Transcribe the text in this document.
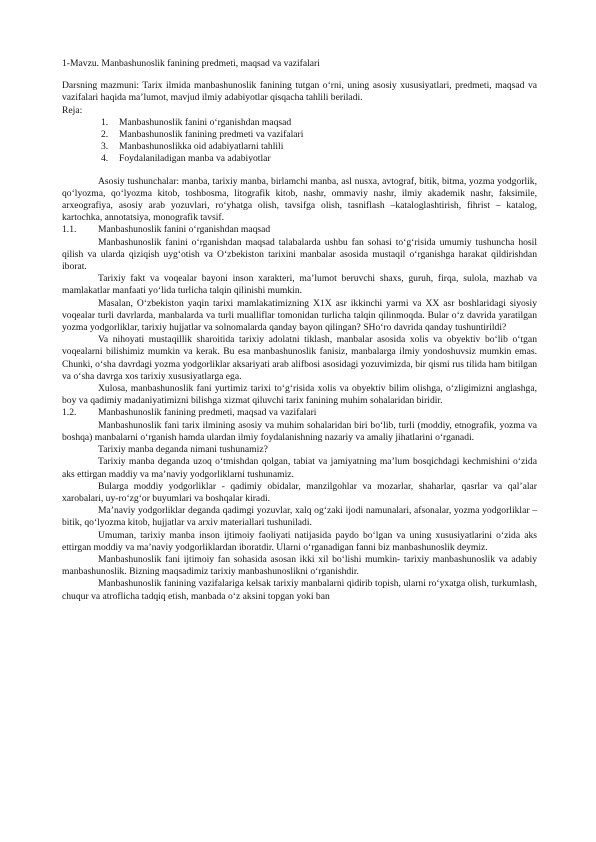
1-Mavzu. Manbashunoslik fanining predmeti, maqsad va vazifalari

Darsning mazmuni: Tarix ilmida manbashunoslik fanining tutgan o‘rni, uning asosiy xususiyatlari, predmeti, maqsad va vazifalari haqida ma’lumot, mavjud ilmiy adabiyotlar qisqacha tahlili beriladi.

Reja:

1. Manbashunoslik fanini o‘rganishdan maqsad
2. Manbashunoslik fanining predmeti va vazifalari
3. Manbashunoslikka oid adabiyatlarni tahlili
4. Foydalaniladigan manba va adabiyotlar

Asosiy tushunchalar: manba, tarixiy manba, birlamchi manba, asl nusxa, avtograf, bitik, bitma, yozma yodgorlik, qo‘lyozma, qo‘lyozma kitob, toshbosma, litografik kitob, nashr, ommaviy nashr, ilmiy akademik nashr, faksimile, arxeografiya, asosiy arab yozuvlari, ro‘yhatga olish, tavsifga olish, tasniflash –kataloglashtirish, fihrist – katalog, kartochka, annotatsiya, monografik tavsif.

1.1. Manbashunoslik fanini o‘rganishdan maqsad

Manbashunoslik fanini o‘rganishdan maqsad talabalarda ushbu fan sohasi to‘g‘risida umumiy tushuncha hosil qilish va ularda qiziqish uyg‘otish va O‘zbekiston tarixini manbalar asosida mustaqil o‘rganishga harakat qildirishdan iborat.

Tarixiy fakt va voqealar bayoni inson xarakteri, ma’lumot beruvchi shaxs, guruh, firqa, sulola, mazhab va mamlakatlar manfaati yo‘lida turlicha talqin qilinishi mumkin.

Masalan, O‘zbekiston yaqin tarixi mamlakatimizning X1X asr ikkinchi yarmi va XX asr boshlaridagi siyosiy voqealar turli davrlarda, manbalarda va turli mualliflar tomonidan turlicha talqin qilinmoqda. Bular o‘z davrida yaratilgan yozma yodgorliklar, tarixiy hujjatlar va solnomalarda qanday bayon qilingan? SHo‘ro davrida qanday tushuntirildi?

Va nihoyati mustaqillik sharoitida tarixiy adolatni tiklash, manbalar asosida xolis va obyektiv bo‘lib o‘tgan voqealarni bilishimiz mumkin va kerak. Bu esa manbashunoslik fanisiz, manbalarga ilmiy yondoshuvsiz mumkin emas. Chunki, o‘sha davrdagi yozma yodgorliklar aksariyati arab alifbosi asosidagi yozuvimizda, bir qismi rus tilida ham bitilgan va o‘sha davrga xos tarixiy xususiyatlarga ega.

Xulosa, manbashunoslik fani yurtimiz tarixi to‘g‘risida xolis va obyektiv bilim olishga, o‘zligimizni anglashga, boy va qadimiy madaniyatimizni bilishga xizmat qiluvchi tarix fanining muhim sohalaridan biridir.

1.2. Manbashunoslik fanining predmeti, maqsad va vazifalari

Manbashunoslik fani tarix ilmining asosiy va muhim sohalaridan biri bo‘lib, turli (moddiy, etnografik, yozma va boshqa) manbalarni o‘rganish hamda ulardan ilmiy foydalanishning nazariy va amaliy jihatlarini o‘rganadi.

Tarixiy manba deganda nimani tushunamiz?

Tarixiy manba deganda uzoq o‘tmishdan qolgan, tabiat va jamiyatning ma’lum bosqichdagi kechmishini o‘zida aks ettirgan maddiy va ma’naviy yodgorliklarni tushunamiz.

Bularga moddiy yodgorliklar - qadimiy obidalar, manzilgohlar va mozarlar, shaharlar, qasrlar va qal’alar xarobalari, uy-ro‘zg‘or buyumlari va boshqalar kiradi.

Ma’naviy yodgorliklar deganda qadimgi yozuvlar, xalq og‘zaki ijodi namunalari, afsonalar, yozma yodgorliklar – bitik, qo‘lyozma kitob, hujjatlar va arxiv materiallari tushuniladi.

Umuman, tarixiy manba inson ijtimoiy faoliyati natijasida paydo bo‘lgan va uning xususiyatlarini o‘zida aks ettirgan moddiy va ma’naviy yodgorliklardan iboratdir. Ularni o‘rganadigan fanni biz manbashunoslik deymiz.

Manbashunoslik fani ijtimoiy fan sohasida asosan ikki xil bo‘lishi mumkin- tarixiy manbashunoslik va adabiy manbashunoslik. Bizning maqsadimiz tarixiy manbashunoslikni o‘rganishdir.

Manbashunoslik fanining vazifalariga kelsak tarixiy manbalarni qidirib topish, ularni ro‘yxatga olish, turkumlash, chuqur va atroflicha tadqiq etish, manbada o‘z aksini topgan yoki ban
